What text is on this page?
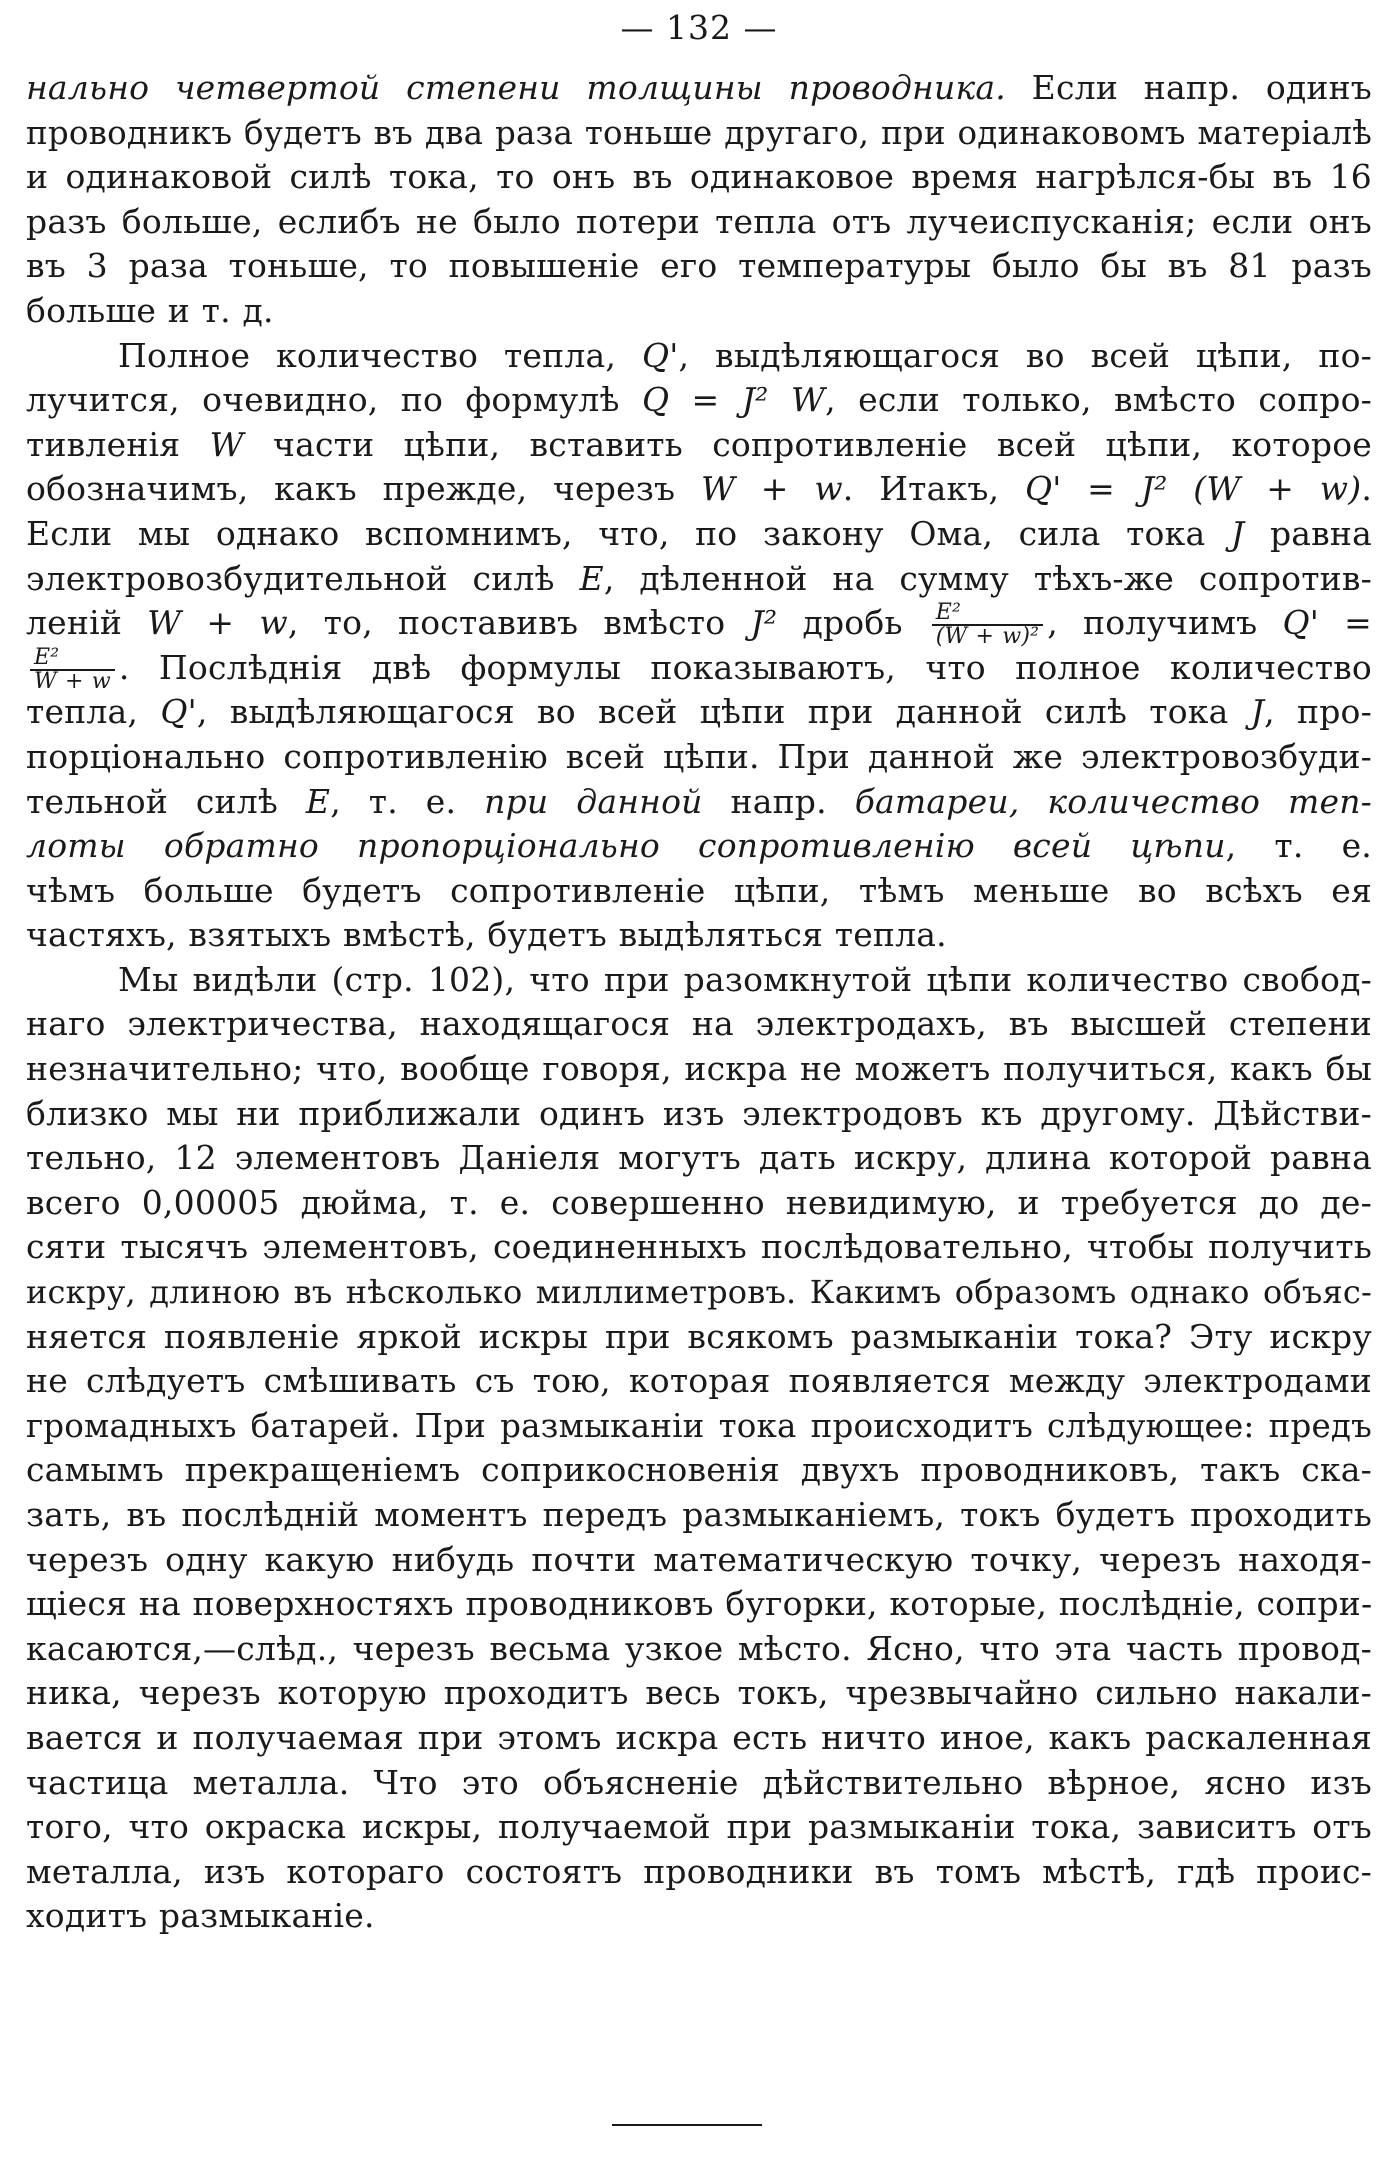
— 132 —
нально четвертой степени толщины проводника. Если напр. одинъ
проводникъ будетъ въ два раза тоньше другаго, при одинаковомъ матеріалѣ
и одинаковой силѣ тока, то онъ въ одинаковое время нагрѣлся-бы въ 16
разъ больше, еслибъ не было потери тепла отъ лучеиспусканія; если онъ
въ 3 раза тоньше, то повышеніе его температуры было бы въ 81 разъ
больше и т. д.
Полное количество тепла, Q', выдѣляющагося во всей цѣпи, по-
лучится, очевидно, по формулѣ Q = J² W, если только, вмѣсто сопро-
тивленія W части цѣпи, вставить сопротивленіе всей цѣпи, которое
обозначимъ, какъ прежде, черезъ W + w. Итакъ, Q' = J² (W + w).
Если мы однако вспомнимъ, что, по закону Ома, сила тока J равна
электровозбудительной силѣ E, дѣленной на сумму тѣхъ-же сопротив-
леній W + w, то, поставивъ вмѣсто J² дробь $\frac{\text{E²}}{\text{(W + w)²}}$ , получимъ Q' =
$\frac{\text{E²}}{W + w}$ . Послѣднія двѣ формулы показываютъ, что полное количество
тепла, Q', выдѣляющагося во всей цѣпи при данной силѣ тока J, про-
порціонально сопротивленію всей цѣпи. При данной же электровозбуди-
тельной силѣ E, т. е. при данной напр. батареи, количество теп-
лоты обратно пропорціонально сопротивленію всей цѣпи, т. е.
чѣмъ больше будетъ сопротивленіе цѣпи, тѣмъ меньше во всѣхъ ея
частяхъ, взятыхъ вмѣстѣ, будетъ выдѣляться тепла.
Мы видѣли (стр. 102), что при разомкнутой цѣпи количество свобод-
наго электричества, находящагося на электродахъ, въ высшей степени
незначительно; что, вообще говоря, искра не можетъ получиться, какъ бы
близко мы ни приближали одинъ изъ электродовъ къ другому. Дѣйстви-
тельно, 12 элементовъ Даніеля могутъ дать искру, длина которой равна
всего 0,00005 дюйма, т. е. совершенно невидимую, и требуется до де-
сяти тысячъ элементовъ, соединенныхъ послѣдовательно, чтобы получить
искру, длиною въ нѣсколько миллиметровъ. Какимъ образомъ однако объяс-
няется появленіе яркой искры при всякомъ размыканіи тока? Эту искру
не слѣдуетъ смѣшивать съ тою, которая появляется между электродами
громадныхъ батарей. При размыканіи тока происходитъ слѣдующее: предъ
самымъ прекращеніемъ соприкосновенія двухъ проводниковъ, такъ ска-
зать, въ послѣдній моментъ передъ размыканіемъ, токъ будетъ проходить
черезъ одну какую нибудь почти математическую точку, черезъ находя-
щіеся на поверхностяхъ проводниковъ бугорки, которые, послѣдніе, сопри-
касаются,—слѣд., черезъ весьма узкое мѣсто. Ясно, что эта часть провод-
ника, черезъ которую проходитъ весь токъ, чрезвычайно сильно накали-
вается и получаемая при этомъ искра есть ничто иное, какъ раскаленная
частица металла. Что это объясненіе дѣйствительно вѣрное, ясно изъ
того, что окраска искры, получаемой при размыканіи тока, зависитъ отъ
металла, изъ котораго состоятъ проводники въ томъ мѣстѣ, гдѣ проис-
ходитъ размыканіе.
